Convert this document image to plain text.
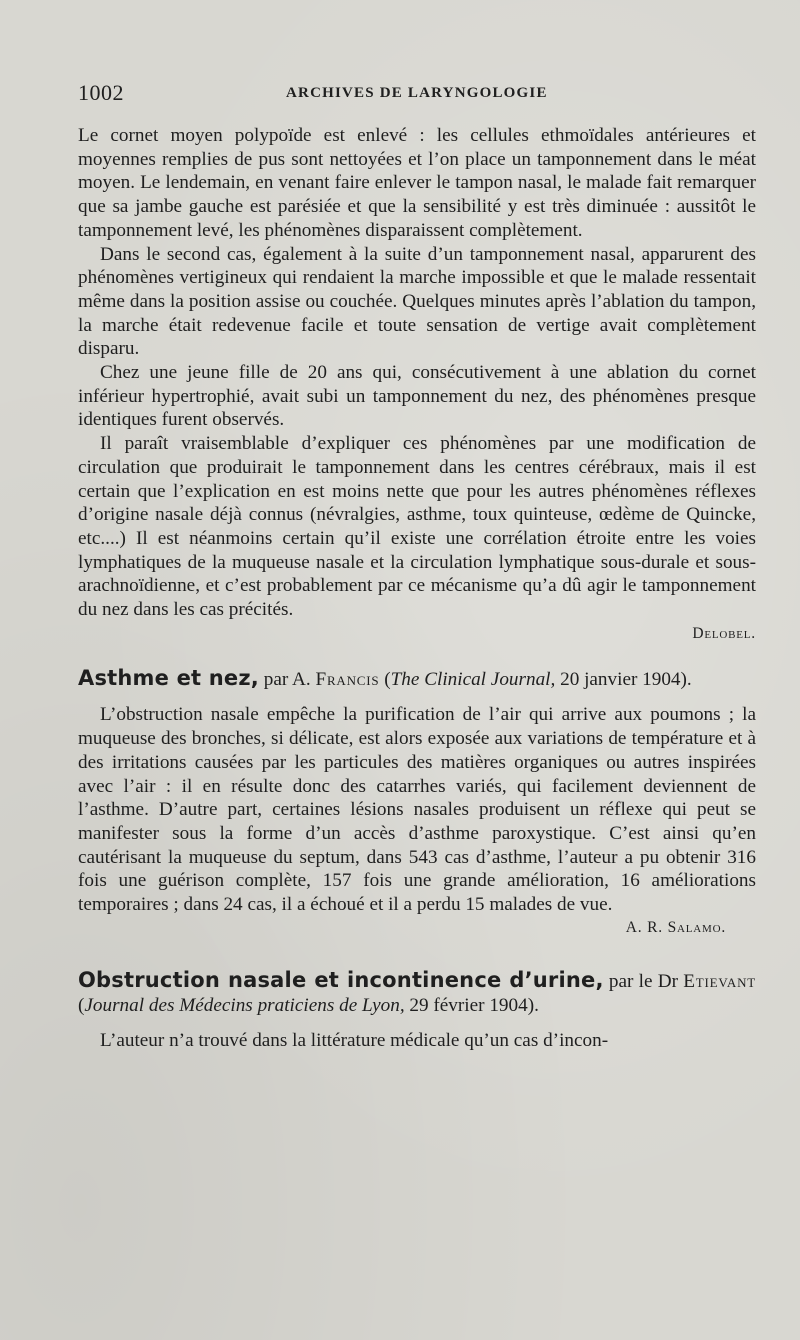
1002	ARCHIVES DE LARYNGOLOGIE

Le cornet moyen polypoïde est enlevé : les cellules ethmoïdales antérieures et moyennes remplies de pus sont nettoyées et l’on place un tamponnement dans le méat moyen. Le lendemain, en venant faire enlever le tampon nasal, le malade fait remarquer que sa jambe gauche est parésiée et que la sensibilité y est très diminuée : aussitôt le tamponnement levé, les phénomènes disparaissent complètement.

Dans le second cas, également à la suite d’un tamponnement nasal, apparurent des phénomènes vertigineux qui rendaient la marche impossible et que le malade ressentait même dans la position assise ou couchée. Quelques minutes après l’ablation du tampon, la marche était redevenue facile et toute sensation de vertige avait complètement disparu.

Chez une jeune fille de 20 ans qui, consécutivement à une ablation du cornet inférieur hypertrophié, avait subi un tamponnement du nez, des phénomènes presque identiques furent observés.

Il paraît vraisemblable d’expliquer ces phénomènes par une modification de circulation que produirait le tamponnement dans les centres cérébraux, mais il est certain que l’explication en est moins nette que pour les autres phénomènes réflexes d’origine nasale déjà connus (névralgies, asthme, toux quinteuse, œdème de Quincke, etc....) Il est néanmoins certain qu’il existe une corrélation étroite entre les voies lymphatiques de la muqueuse nasale et la circulation lymphatique sous-durale et sous-arachnoïdienne, et c’est probablement par ce mécanisme qu’a dû agir le tamponnement du nez dans les cas précités.

Delobel.

Asthme et nez, par A. Francis (The Clinical Journal, 20 janvier 1904).

L’obstruction nasale empêche la purification de l’air qui arrive aux poumons ; la muqueuse des bronches, si délicate, est alors exposée aux variations de température et à des irritations causées par les particules des matières organiques ou autres inspirées avec l’air : il en résulte donc des catarrhes variés, qui facilement deviennent de l’asthme. D’autre part, certaines lésions nasales produisent un réflexe qui peut se manifester sous la forme d’un accès d’asthme paroxystique. C’est ainsi qu’en cautérisant la muqueuse du septum, dans 543 cas d’asthme, l’auteur a pu obtenir 316 fois une guérison complète, 157 fois une grande amélioration, 16 améliorations temporaires ; dans 24 cas, il a échoué et il a perdu 15 malades de vue.

A. R. Salamo.

Obstruction nasale et incontinence d’urine, par le Dr Etievant (Journal des Médecins praticiens de Lyon, 29 février 1904).

L’auteur n’a trouvé dans la littérature médicale qu’un cas d’incon-
